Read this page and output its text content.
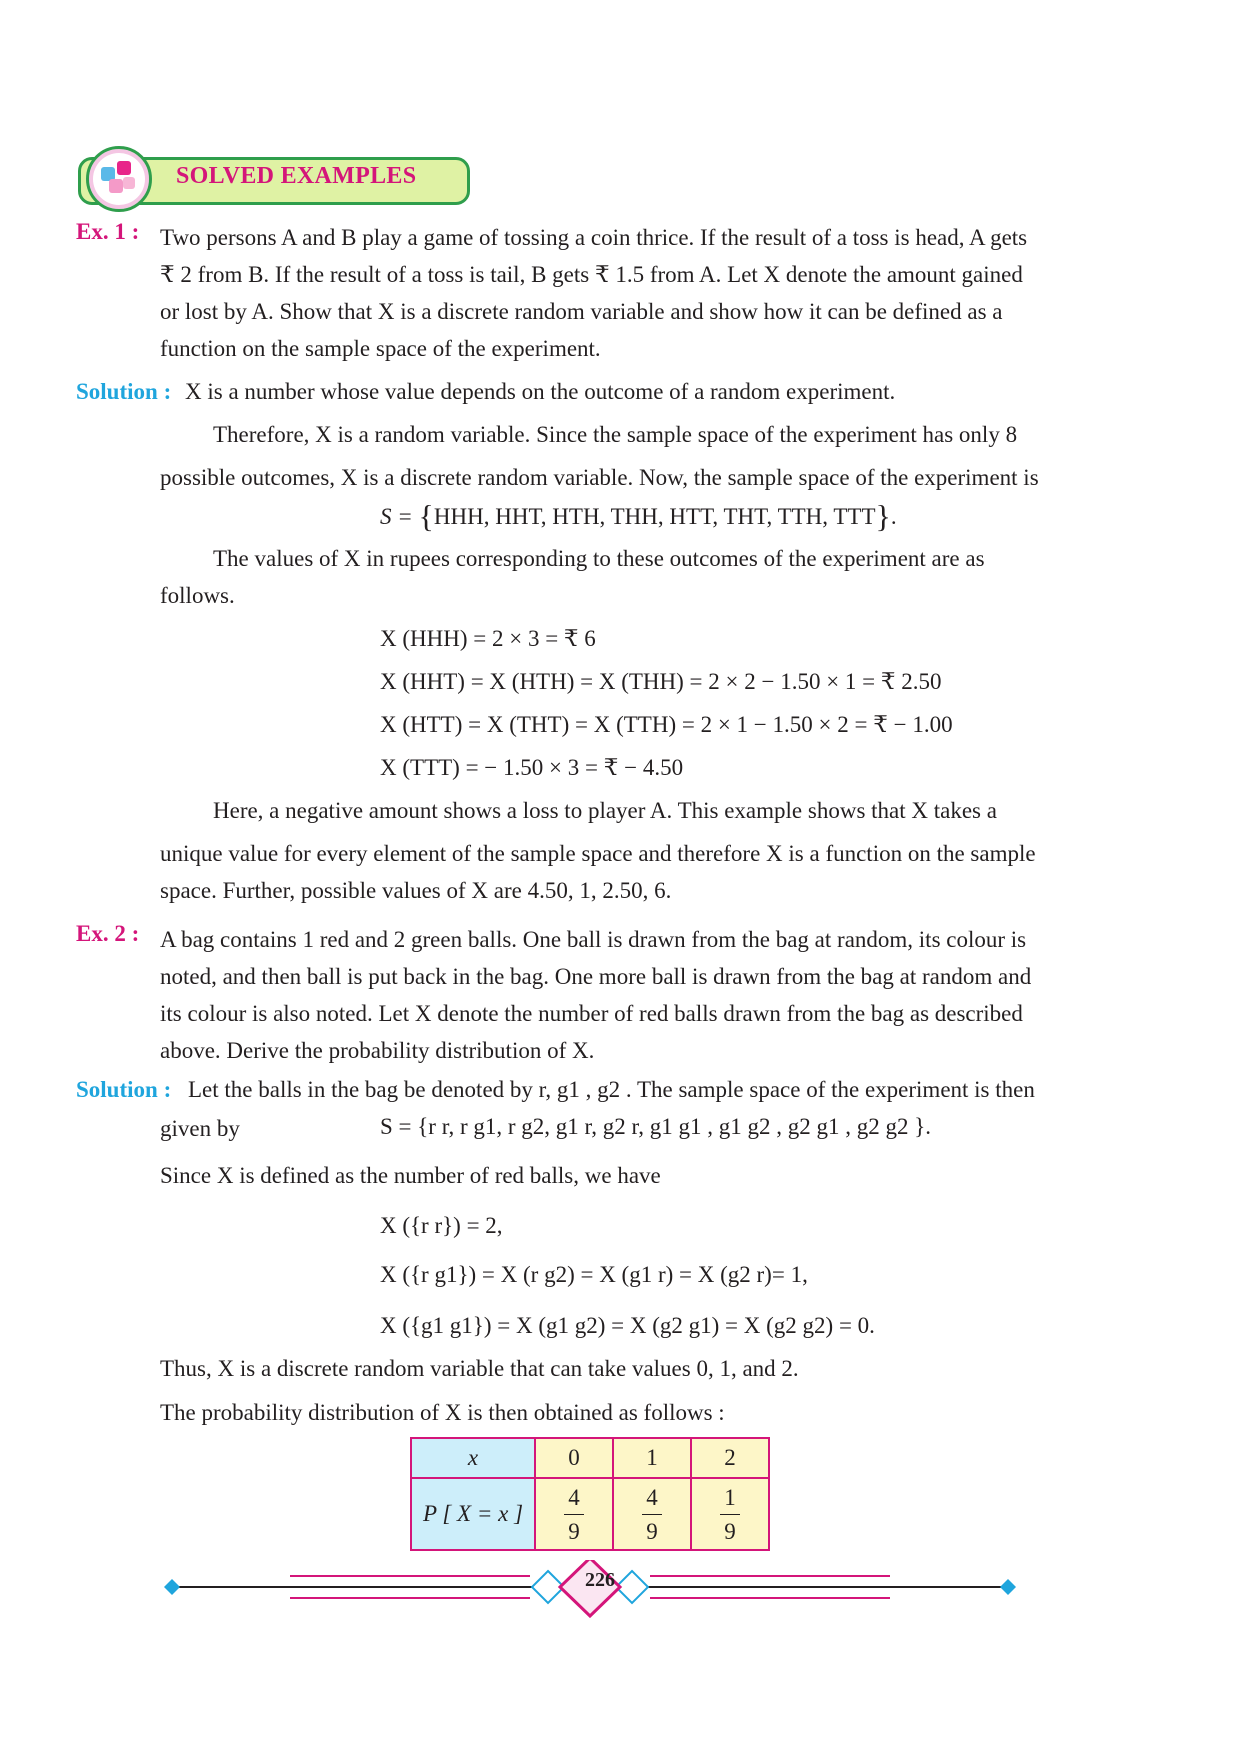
SOLVED EXAMPLES
Ex. 1 : Two persons A and B play a game of tossing a coin thrice. If the result of a toss is head, A gets
₹ 2 from B. If the result of a toss is tail, B gets ₹ 1.5 from A. Let X denote the amount gained
or lost by A. Show that X is a discrete random variable and show how it can be defined as a
function on the sample space of the experiment.
Solution : X is a number whose value depends on the outcome of a random experiment.
Therefore, X is a random variable. Since the sample space of the experiment has only 8
possible outcomes, X is a discrete random variable. Now, the sample space of the experiment is
S = {HHH, HHT, HTH, THH, HTT, THT, TTH, TTT}.
The values of X in rupees corresponding to these outcomes of the experiment are as
follows.
X (HHH) = 2 × 3 = ₹ 6
X (HHT) = X (HTH) = X (THH) = 2 × 2 − 1.50 × 1 = ₹ 2.50
X (HTT) = X (THT) = X (TTH) = 2 × 1 − 1.50 × 2 = ₹ − 1.00
X (TTT) = − 1.50 × 3 = ₹ − 4.50
Here, a negative amount shows a loss to player A. This example shows that X takes a
unique value for every element of the sample space and therefore X is a function on the sample
space. Further, possible values of X are 4.50, 1, 2.50, 6.
Ex. 2 : A bag contains 1 red and 2 green balls. One ball is drawn from the bag at random, its colour is
noted, and then ball is put back in the bag. One more ball is drawn from the bag at random and
its colour is also noted. Let X denote the number of red balls drawn from the bag as described
above. Derive the probability distribution of X.
Solution : Let the balls in the bag be denoted by r, g1 , g2 . The sample space of the experiment is then
given by	S = {r r, r g1, r g2, g1 r, g2 r, g1 g1 , g1 g2 , g2 g1 , g2 g2 }.
Since X is defined as the number of red balls, we have
X ({r r}) = 2,
X ({r g1}) = X (r g2) = X (g1 r) = X (g2 r)= 1,
X ({g1 g1}) = X (g1 g2) = X (g2 g1) = X (g2 g2) = 0.
Thus, X is a discrete random variable that can take values 0, 1, and 2.
The probability distribution of X is then obtained as follows :
x	0	1	2
P [ X = x ]	$\frac{4}{9}$	$\frac{4}{9}$	$\frac{1}{9}$
226
